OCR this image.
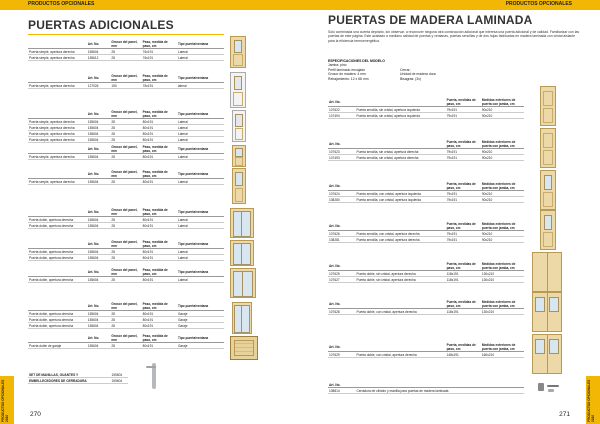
PRODUCTOS OPCIONALES
PUERTAS ADICIONALES
	Art. No.	Grosor del panel, mm	Paso, medida de paso, cm	Tipo puerta/ventana
Puerta simple, apertura derecha	155604	28	76x191	Lateral
Puerta simple, apertura derecha	155612	28	76x191	Lateral
	Art. No.	Grosor del panel, mm	Paso, medida de paso, cm	Tipo puerta/ventana
Puerta simple, apertura derecha	127026	150	78x191	lateral
	Art. No.	Grosor del panel, mm	Paso, medida de paso, cm	Tipo puerta/ventana
Puerta simple, apertura derecha	155604	28	80x191	Lateral
Puerta simple, apertura derecha	155604	28	80x191	Lateral
Puerta simple, apertura derecha	155604	28	80x191	Lateral
Puerta simple, apertura derecha	155604	28	80x191	Lateral
	Art. No.	Grosor del panel, mm	Paso, medida de paso, cm	Tipo puerta/ventana
Puerta simple, apertura derecha	155604	28	80x191	Lateral
	Art. No.	Grosor del panel, mm	Paso, medida de paso, cm	Tipo puerta/ventana
Puerta simple, apertura derecha	155604	28	80x191	Lateral
	Art. No.	Grosor del panel, mm	Paso, medida de paso, cm	Tipo puerta/ventana
Puerta doble, apertura derecha	155604	28	80x191	Lateral
Puerta doble, apertura derecha	155604	28	80x191	Lateral
	Art. No.	Grosor del panel, mm	Paso, medida de paso, cm	Tipo puerta/ventana
Puerta doble, apertura derecha	155604	28	80x191	Lateral
Puerta doble, apertura derecha	155604	28	80x191	Lateral
	Art. No.	Grosor del panel, mm	Paso, medida de paso, cm	Tipo puerta/ventana
Puerta doble, apertura derecha	155604	28	80x191	Lateral
	Art. No.	Grosor del panel, mm	Paso, medida de paso, cm	Tipo puerta/ventana
Puerta doble, apertura derecha	155604	28	80x191	Garaje
Puerta doble, apertura derecha	155604	28	80x191	Garaje
Puerta doble, apertura derecha	155604	28	80x191	Garaje
	Art. No.	Grosor del panel, mm	Paso, medida de paso, cm	Tipo puerta/ventana
Puerta doble de garaje	155604	28	80x191	Garaje
SET DE MANILLAS, GUANTES Y	155604
EMBELLECEDORES DE CERRADURA	155604
PRODUCTOS OPCIONALES 2020
270
PRODUCTOS OPCIONALES
PUERTAS DE MADERA LAMINADA
Sólo combinada una cuenta depósito, sin observar, a reconocer ninguna otra construcción adicional que interesa una puerta adicional y de calidad. Familiarizar con las puertas de este página. Este acabado a mediano calidad de puertas y ventanas, puertas sencillas y de dos hojas fabricadas en madera laminada con cristal aislante para la eficiencia termoenergética.
ESPECIFICACIONES DEL MODELO
Jamba: pino
Perfil laminado encajado	Cerrar:
Grosor de madera: 4 mm	Unidad de madera dura
Rebajamiento: 12 x 68 mm	Bisagras: (3x)
Art. No.		Puerta, medidas de paso, cm	Medidas exteriores de puerta con jamba, cm
107622	Puerta sencilla, sin cristal, apertura izquierda	79x191	90x210
107494	Puerta sencilla, sin cristal, apertura izquierda	79x191	90x210
Art. No.		Puerta, medidas de paso, cm	Medidas exteriores de puerta con jamba, cm
107623	Puerta sencilla, sin cristal, apertura derecha	79x191	90x210
107493	Puerta sencilla, sin cristal, apertura derecha	79x191	90x210
Art. No.		Puerta, medidas de paso, cm	Medidas exteriores de puerta con jamba, cm
107624	Puerta sencilla, con cristal, apertura izquierda	79x191	90x210
108280	Puerta sencilla, con cristal, apertura izquierda	79x191	90x210
Art. No.		Puerta, medidas de paso, cm	Medidas exteriores de puerta con jamba, cm
107626	Puerta sencilla, con cristal, apertura derecha	79x191	90x210
108281	Puerta sencilla, con cristal, apertura derecha	79x191	90x210
Art. No.		Puerta, medidas de paso, cm	Medidas exteriores de puerta con jamba, cm
107625	Puerta doble, sin cristal, apertura derecha	118x191	130x210
107627	Puerta doble, sin cristal, apertura derecha	118x191	130x210
Art. No.		Puerta, medidas de paso, cm	Medidas exteriores de puerta con jamba, cm
107628	Puerta doble, con cristal, apertura derecha	118x191	130x210
Art. No.		Puerta, medidas de paso, cm	Medidas exteriores de puerta con jamba, cm
107629	Puerta doble, con cristal, apertura derecha	148x191	160x210
Art. No.	
108814	Cerradura de cilindro y manilla para puertas de madera laminada	PRODUCTOS OPCIONALES 2020
271
